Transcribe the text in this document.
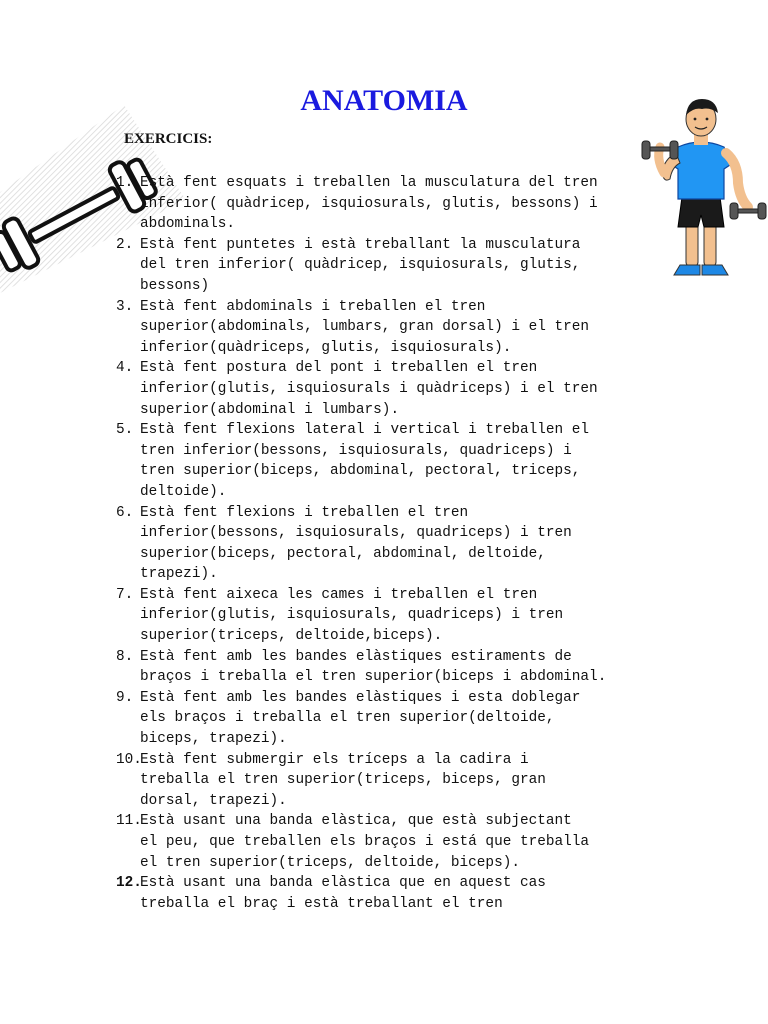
ANATOMIA
EXERCICIS:
1. Està fent esquats i treballen la musculatura del tren
inferior( quàdricep, isquiosurals, glutis, bessons) i
abdominals.
2. Està fent puntetes i està treballant la musculatura
del tren inferior( quàdricep, isquiosurals, glutis,
bessons)
3. Està fent abdominals i treballen el tren
superior(abdominals, lumbars, gran dorsal) i el tren
inferior(quàdriceps, glutis, isquiosurals).
4. Està fent postura del pont i treballen el tren
inferior(glutis, isquiosurals i quàdriceps) i el tren
superior(abdominal i lumbars).
5. Està fent flexions lateral i vertical i treballen el
tren inferior(bessons, isquiosurals, quadriceps) i
tren superior(biceps, abdominal, pectoral, triceps,
deltoide).
6. Està fent flexions i treballen el tren
inferior(bessons, isquiosurals, quadriceps) i tren
superior(biceps, pectoral, abdominal, deltoide,
trapezi).
7. Està fent aixeca les cames i treballen el tren
inferior(glutis, isquiosurals, quadriceps) i tren
superior(triceps, deltoide,biceps).
8. Està fent amb les bandes elàstiques estiraments de
braços i treballa el tren superior(biceps i abdominal.
9. Està fent amb les bandes elàstiques i esta doblegar
els braços i treballa el tren superior(deltoide,
biceps, trapezi).
10.
Està fent submergir els tríceps a la cadira i
treballa el tren superior(triceps, biceps, gran
dorsal, trapezi).
11.
Està usant una banda elàstica, que està subjectant
el peu, que treballen els braços i está que treballa
el tren superior(triceps, deltoide, biceps).
12.
Està usant una banda elàstica que en aquest cas
treballa el braç i està treballant el tren
